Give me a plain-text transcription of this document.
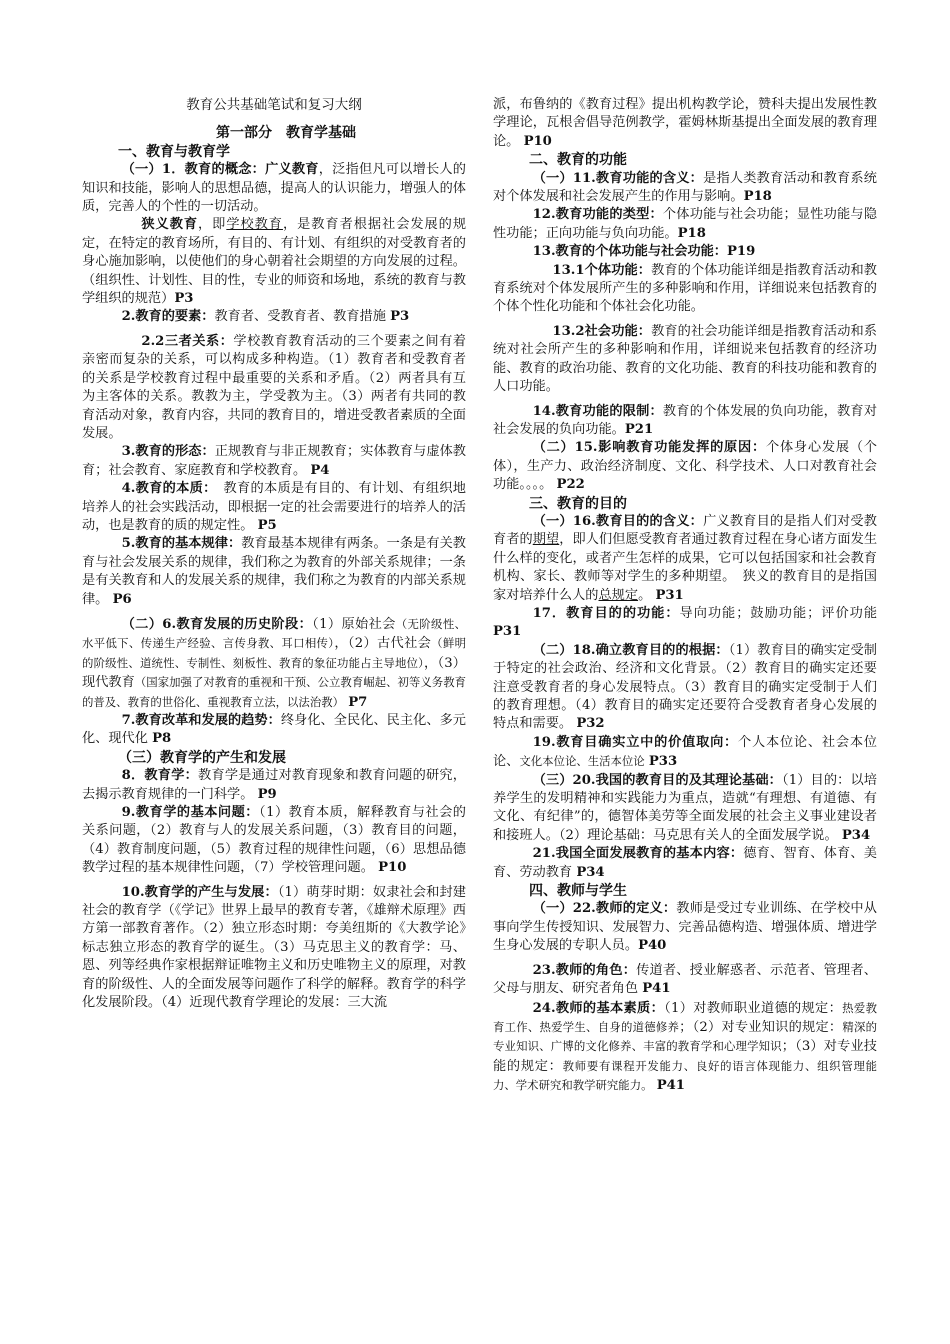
教育公共基础笔试和复习大纲

第一部分　教育学基础

一、教育与教育学

（一）1．教育的概念：广义教育，泛指但凡可以增长人的知识和技能，影响人的思想品德，提高人的认识能力，增强人的体质，完善人的个性的一切活动。

狭义教育，即学校教育，是教育者根据社会发展的规定，在特定的教育场所，有目的、有计划、有组织的对受教育者的身心施加影响，以使他们的身心朝着社会期望的方向发展的过程。（组织性、计划性、目的性，专业的师资和场地，系统的教育与教学组织的规范）P3

2.教育的要素：教育者、受教育者、教育措施 P3

2.2三者关系：学校教育教育活动的三个要素之间有着亲密而复杂的关系，可以构成多种构造。（1）教育者和受教育者的关系是学校教育过程中最重要的关系和矛盾。（2）两者具有互为主客体的关系。教教为主，学受教为主。（3）两者有共同的教育活动对象，教育内容，共同的教育目的，增进受教者素质的全面发展。

3.教育的形态：正规教育与非正规教育；实体教育与虚体教育；社会教育、家庭教育和学校教育。 P4

4.教育的本质：　教育的本质是有目的、有计划、有组织地培养人的社会实践活动，即根据一定的社会需要进行的培养人的活动，也是教育的质的规定性。 P5

5.教育的基本规律：教育最基本规律有两条。一条是有关教育与社会发展关系的规律，我们称之为教育的外部关系规律；一条是有关教育和人的发展关系的规律，我们称之为教育的内部关系规律。 P6

（二）6.教育发展的历史阶段：（1）原始社会（无阶级性、水平低下、传递生产经验、言传身教、耳口相传），（2）古代社会（鲜明的阶级性、道统性、专制性、刻板性、教育的象征功能占主导地位），（3）现代教育（国家加强了对教育的重视和干预、公立教育崛起、初等义务教育的普及、教育的世俗化、重视教育立法，以法治教） P7

7.教育改革和发展的趋势：终身化、全民化、民主化、多元化、现代化 P8

（三）教育学的产生和发展

8．教育学：教育学是通过对教育现象和教育问题的研究，去揭示教育规律的一门科学。 P9

9.教育学的基本问题：（1）教育本质，解释教育与社会的关系问题，（2）教育与人的发展关系问题，（3）教育目的问题，（4）教育制度问题，（5）教育过程的规律性问题，（6）思想品德教学过程的基本规律性问题，（7）学校管理问题。 P10

10.教育学的产生与发展：（1）萌芽时期：奴隶社会和封建社会的教育学（《学记》世界上最早的教育专著，《雄辩术原理》西方第一部教育著作。（2）独立形态时期：夸美纽斯的《大教学论》标志独立形态的教育学的诞生。（3）马克思主义的教育学：马、恩、列等经典作家根据辩证唯物主义和历史唯物主义的原理，对教育的阶级性、人的全面发展等问题作了科学的解释。教育学的科学化发展阶段。（4）近现代教育学理论的发展：三大流

派，布鲁纳的《教育过程》提出机构教学论，赞科夫提出发展性教学理论，瓦根舍倡导范例教学，霍姆林斯基提出全面发展的教育理论。 P10

二、教育的功能

（一）11.教育功能的含义：是指人类教育活动和教育系统对个体发展和社会发展产生的作用与影响。P18

12.教育功能的类型：个体功能与社会功能；显性功能与隐性功能；正向功能与负向功能。P18

13.教育的个体功能与社会功能：P19

13.1个体功能：教育的个体功能详细是指教育活动和教育系统对个体发展所产生的多种影响和作用，详细说来包括教育的个体个性化功能和个体社会化功能。

13.2社会功能：教育的社会功能详细是指教育活动和系统对社会所产生的多种影响和作用，详细说来包括教育的经济功能、教育的政治功能、教育的文化功能、教育的科技功能和教育的人口功能。

14.教育功能的限制：教育的个体发展的负向功能，教育对社会发展的负向功能。P21

（二）15.影响教育功能发挥的原因：个体身心发展（个体），生产力、政治经济制度、文化、科学技术、人口对教育社会功能。。。。 P22

三、教育的目的

（一）16.教育目的的含义：广义教育目的是指人们对受教育者的期望，即人们但愿受教育者通过教育过程在身心诸方面发生什么样的变化，或者产生怎样的成果，它可以包括国家和社会教育机构、家长、教师等对学生的多种期望。　狭义的教育目的是指国家对培养什么人的总规定。 P31

17．教育目的的功能：导向功能；鼓励功能；评价功能 P31

（二）18.确立教育目的的根据：（1）教育目的确实定受制于特定的社会政治、经济和文化背景。（2）教育目的确实定还要注意受教育者的身心发展特点。（3）教育目的确实定受制于人们的教育理想。（4）教育目的确实定还要符合受教育者身心发展的特点和需要。 P32

19.教育目确实立中的价值取向：个人本位论、社会本位论、文化本位论、生活本位论 P33

（三）20.我国的教育目的及其理论基础：（1）目的：以培养学生的发明精神和实践能力为重点，造就“有理想、有道德、有文化、有纪律”的，德智体美劳等全面发展的社会主义事业建设者和接班人。（2）理论基础：马克思有关人的全面发展学说。 P34

21.我国全面发展教育的基本内容：德育、智育、体育、美育、劳动教育 P34

四、教师与学生

（一）22.教师的定义：教师是受过专业训练、在学校中从事向学生传授知识、发展智力、完善品德构造、增强体质、增进学生身心发展的专职人员。P40

23.教师的角色：传道者、授业解惑者、示范者、管理者、父母与朋友、研究者角色 P41

24.教师的基本素质：（1）对教师职业道德的规定：热爱教育工作、热爱学生、自身的道德修养；（2）对专业知识的规定：精深的专业知识、广博的文化修养、丰富的教育学和心理学知识；（3）对专业技能的规定：教师要有课程开发能力、良好的语言体现能力、组织管理能力、学术研究和教学研究能力。 P41
